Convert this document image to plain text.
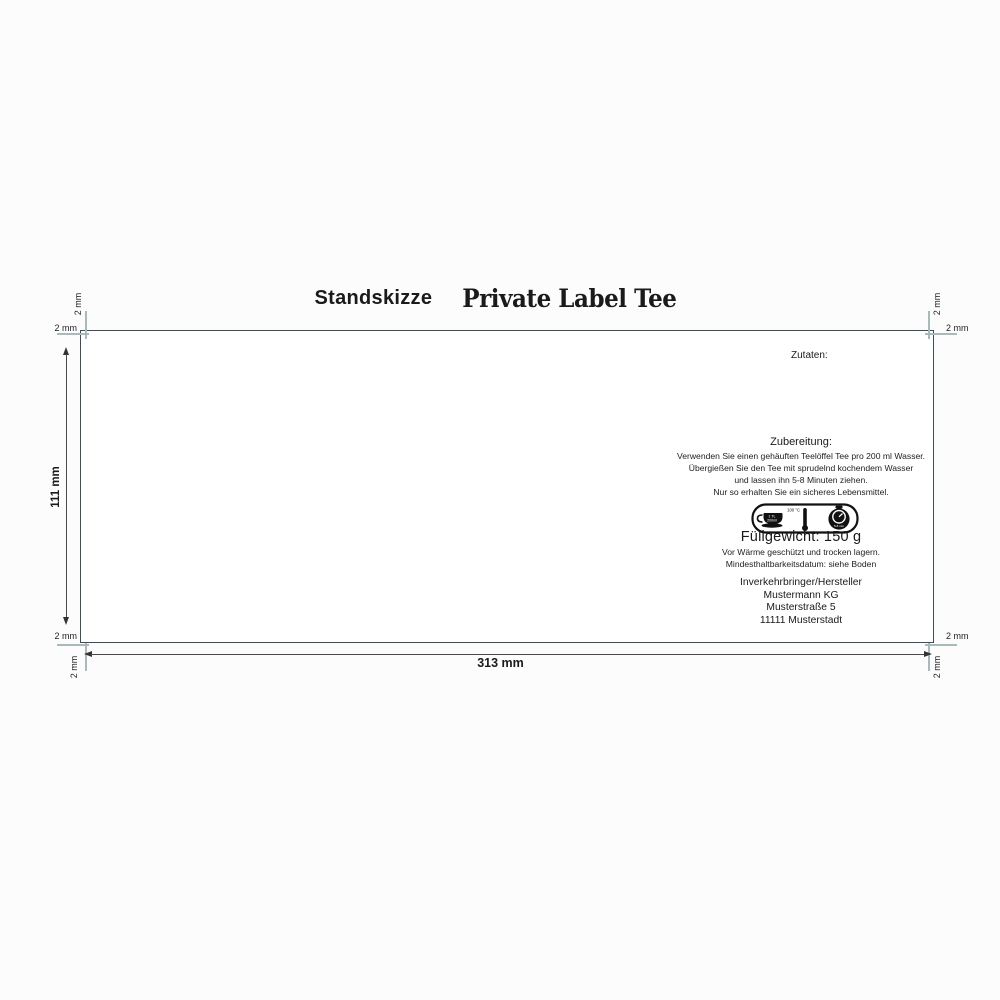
Standskizze Private Label Tee
Zutaten:
Zubereitung:
Verwenden Sie einen gehäuften Teelöffel Tee pro 200 ml Wasser.
Übergießen Sie den Tee mit sprudelnd kochendem Wasser
und lassen ihn 5-8 Minuten ziehen.
Nur so erhalten Sie ein sicheres Lebensmittel.
1 TL
200ml
100 °C
5-8 min
Füllgewicht: 150 g
Vor Wärme geschützt und trocken lagern.
Mindesthaltbarkeitsdatum: siehe Boden
Inverkehrbringer/Hersteller
Mustermann KG
Musterstraße 5
11111 Musterstadt
2 mm
2 mm
2 mm
2 mm
2 mm
2 mm
2 mm
2 mm
111 mm
313 mm
